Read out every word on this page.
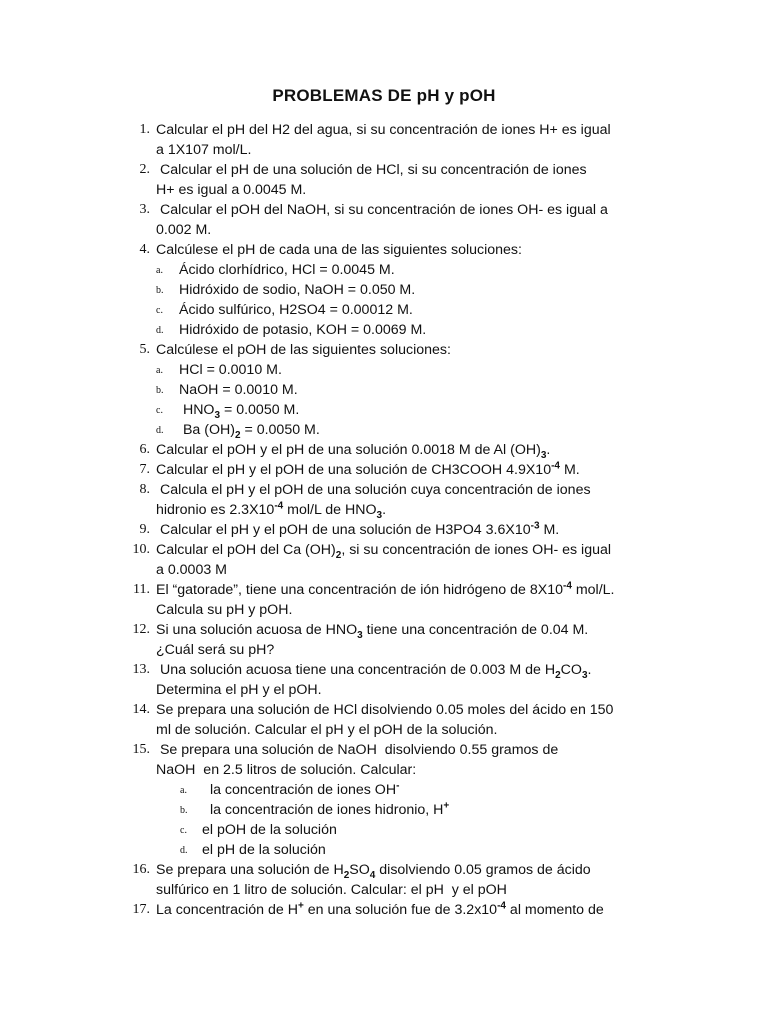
PROBLEMAS DE pH y pOH
1. Calcular el pH del H2 del agua, si su concentración de iones H+ es igual
a 1X107 mol/L.
2. Calcular el pH de una solución de HCl, si su concentración de iones
H+ es igual a 0.0045 M.
3. Calcular el pOH del NaOH, si su concentración de iones OH- es igual a
0.002 M.
4. Calcúlese el pH de cada una de las siguientes soluciones:
a. Ácido clorhídrico, HCl = 0.0045 M.
b. Hidróxido de sodio, NaOH = 0.050 M.
c. Ácido sulfúrico, H2SO4 = 0.00012 M.
d. Hidróxido de potasio, KOH = 0.0069 M.
5. Calcúlese el pOH de las siguientes soluciones:
a. HCl = 0.0010 M.
b. NaOH = 0.0010 M.
c. $HNO_3 = 0.0050$ M.
d. Ba $(OH)_2 = 0.0050$ M.
6. Calcular el pOH y el pH de una solución 0.0018 M de Al $(OH)_3$.
7. Calcular el pH y el pOH de una solución de CH3COOH $4.9X10^{-4}$ M.
8. Calcula el pH y el pOH de una solución cuya concentración de iones
hidronio es $2.3X10^{-4}$ mol/L de $HNO_3$.
9. Calcular el pH y el pOH de una solución de H3PO4 $3.6X10^{-3}$ M.
10. Calcular el pOH del Ca $(OH)_2$, si su concentración de iones OH- es igual
a 0.0003 M
11. El “gatorade”, tiene una concentración de ión hidrógeno de $8X10^{-4}$ mol/L.
Calcula su pH y pOH.
12. Si una solución acuosa de $HNO_3$ tiene una concentración de 0.04 M.
¿Cuál será su pH?
13. Una solución acuosa tiene una concentración de 0.003 M de $H_2CO_3$.
Determina el pH y el pOH.
14. Se prepara una solución de HCl disolviendo 0.05 moles del ácido en 150
ml de solución. Calcular el pH y el pOH de la solución.
15. Se prepara una solución de NaOH  disolviendo 0.55 gramos de
NaOH  en 2.5 litros de solución. Calcular:
a. la concentración de iones OH-
b. la concentración de iones hidronio, H+
c. el pOH de la solución
d. el pH de la solución
16. Se prepara una solución de $H_2SO_4$ disolviendo 0.05 gramos de ácido
sulfúrico en 1 litro de solución. Calcular: el pH  y el pOH
17. La concentración de H+ en una solución fue de $3.2x10^{-4}$ al momento de
